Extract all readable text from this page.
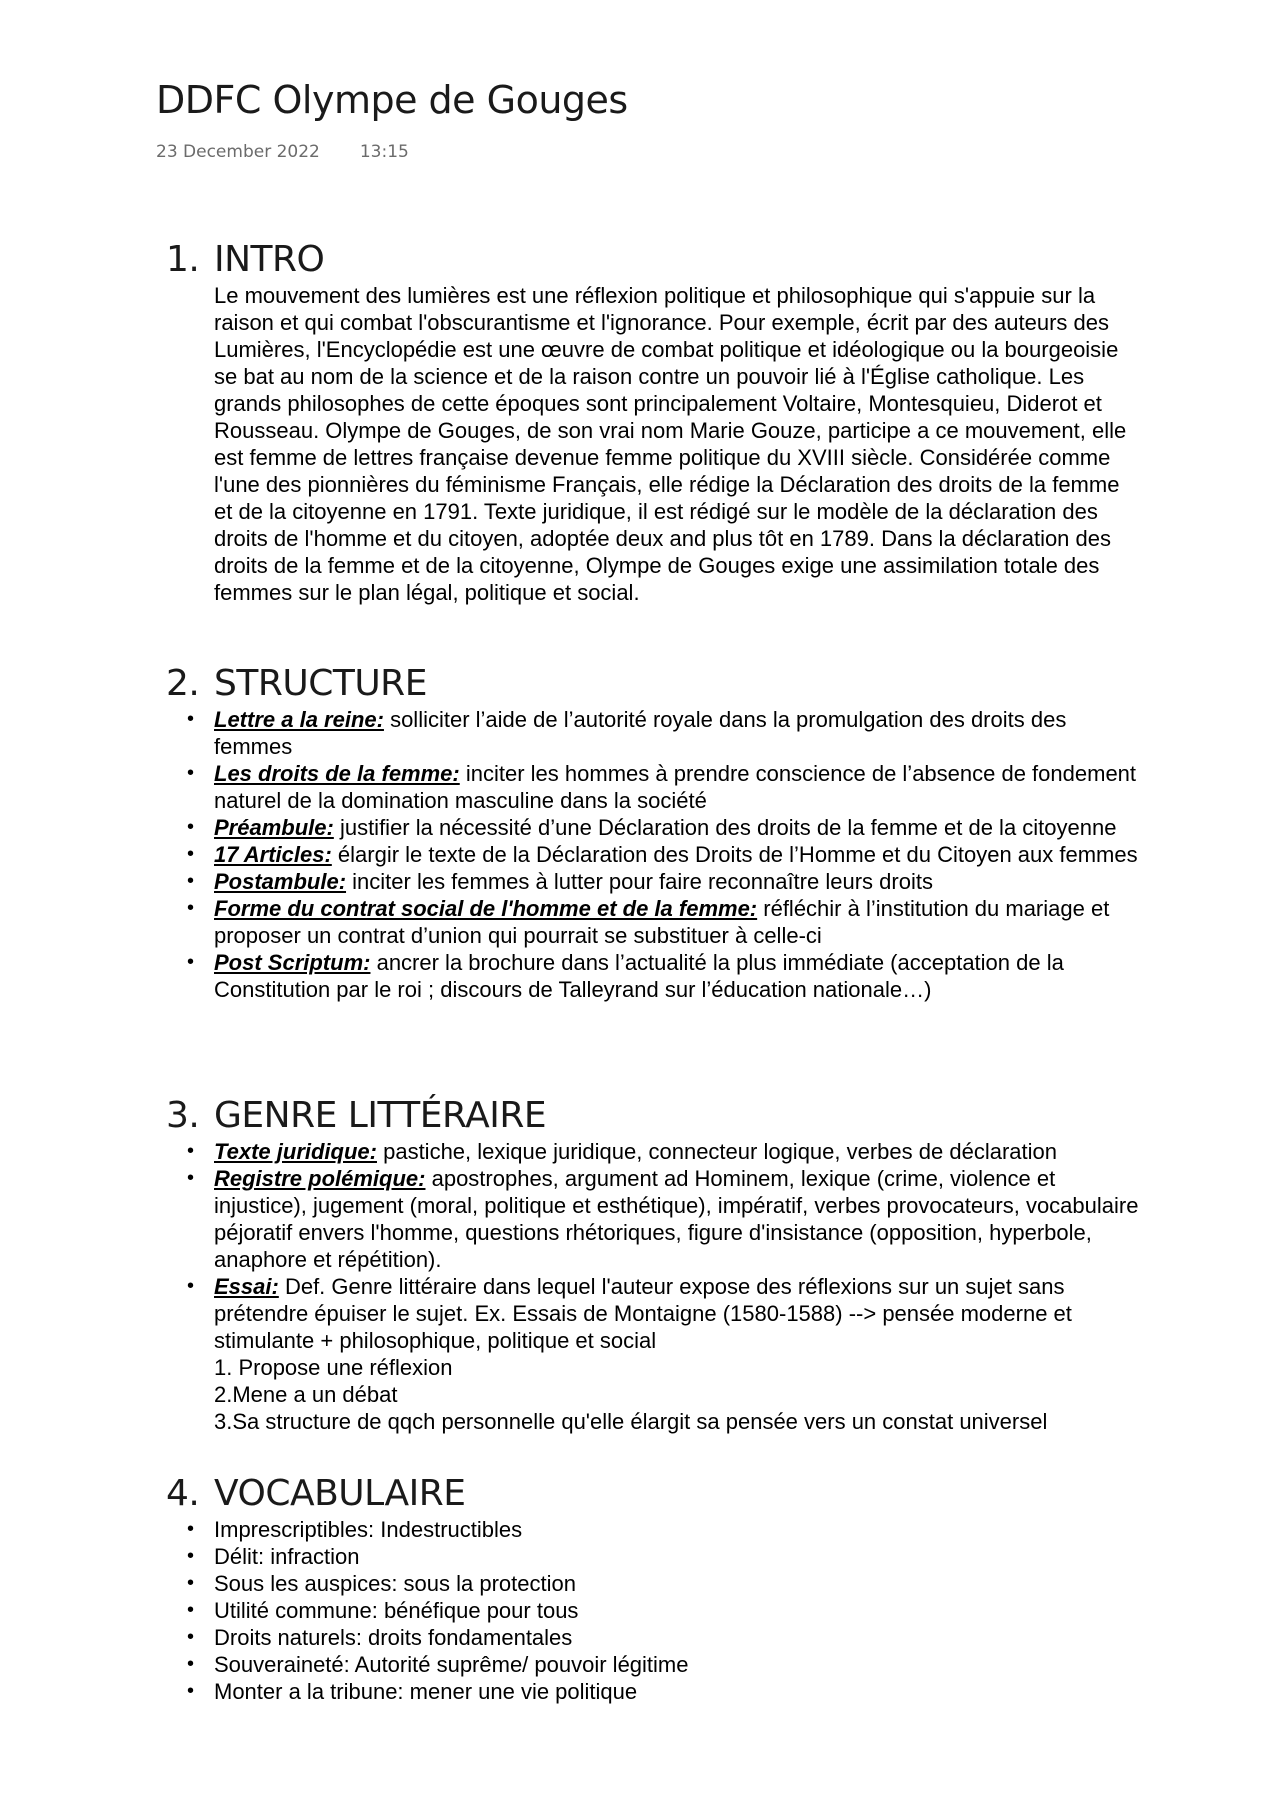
DDFC Olympe de Gouges
23 December 2022 13:15
1. INTRO
Le mouvement des lumières est une réflexion politique et philosophique qui s'appuie sur la raison et qui combat l'obscurantisme et l'ignorance. Pour exemple, écrit par des auteurs des Lumières, l'Encyclopédie est une œuvre de combat politique et idéologique ou la bourgeoisie se bat au nom de la science et de la raison contre un pouvoir lié à l'Église catholique. Les grands philosophes de cette époques sont principalement Voltaire, Montesquieu, Diderot et Rousseau. Olympe de Gouges, de son vrai nom Marie Gouze, participe a ce mouvement, elle est femme de lettres française devenue femme politique du XVIII siècle. Considérée comme l'une des pionnières du féminisme Français, elle rédige la Déclaration des droits de la femme et de la citoyenne en 1791. Texte juridique, il est rédigé sur le modèle de la déclaration des droits de l'homme et du citoyen, adoptée deux and plus tôt en 1789. Dans la déclaration des droits de la femme et de la citoyenne, Olympe de Gouges exige une assimilation totale des femmes sur le plan légal, politique et social.
2. STRUCTURE
• Lettre a la reine: solliciter l’aide de l’autorité royale dans la promulgation des droits des femmes
• Les droits de la femme: inciter les hommes à prendre conscience de l’absence de fondement naturel de la domination masculine dans la société
• Préambule: justifier la nécessité d’une Déclaration des droits de la femme et de la citoyenne
• 17 Articles: élargir le texte de la Déclaration des Droits de l’Homme et du Citoyen aux femmes
• Postambule: inciter les femmes à lutter pour faire reconnaître leurs droits
• Forme du contrat social de l'homme et de la femme: réfléchir à l’institution du mariage et proposer un contrat d’union qui pourrait se substituer à celle-ci
• Post Scriptum: ancrer la brochure dans l’actualité la plus immédiate (acceptation de la Constitution par le roi ; discours de Talleyrand sur l’éducation nationale…)
3. GENRE LITTÉRAIRE
• Texte juridique: pastiche, lexique juridique, connecteur logique, verbes de déclaration
• Registre polémique: apostrophes, argument ad Hominem, lexique (crime, violence et injustice), jugement (moral, politique et esthétique), impératif, verbes provocateurs, vocabulaire péjoratif envers l'homme, questions rhétoriques, figure d'insistance (opposition, hyperbole, anaphore et répétition).
• Essai: Def. Genre littéraire dans lequel l'auteur expose des réflexions sur un sujet sans prétendre épuiser le sujet. Ex. Essais de Montaigne (1580-1588) --> pensée moderne et stimulante + philosophique, politique et social
1. Propose une réflexion
2.Mene a un débat
3.Sa structure de qqch personnelle qu'elle élargit sa pensée vers un constat universel
4. VOCABULAIRE
• Imprescriptibles: Indestructibles
• Délit: infraction
• Sous les auspices: sous la protection
• Utilité commune: bénéfique pour tous
• Droits naturels: droits fondamentales
• Souveraineté: Autorité suprême/ pouvoir légitime
• Monter a la tribune: mener une vie politique
